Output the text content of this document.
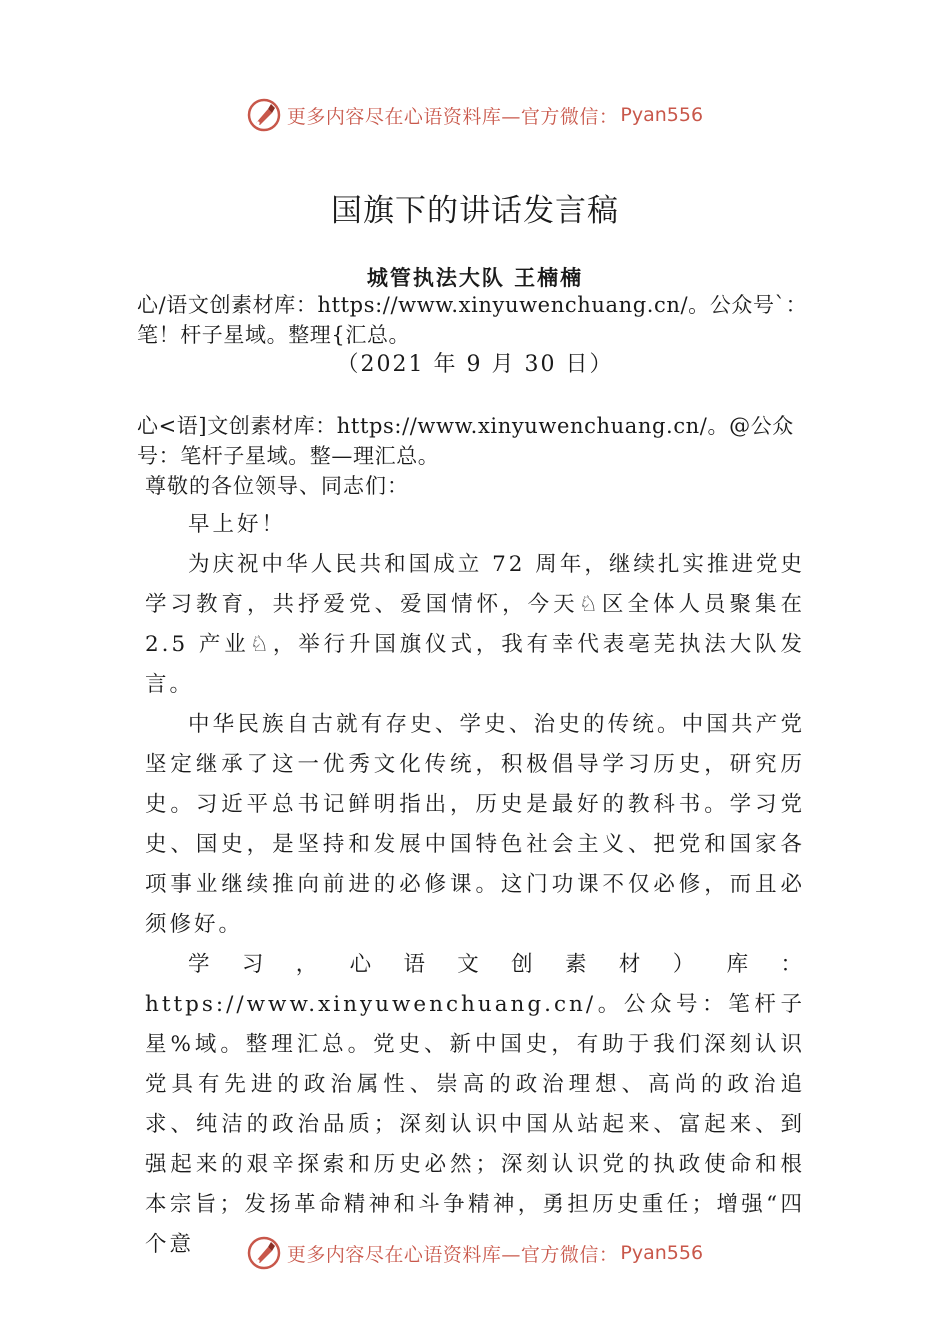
更多内容尽在心语资料库—官方微信： Pyan556
国旗下的讲话发言稿
城管执法大队 王楠楠

心/语文创素材库：https://www.xinyuwenchuang.cn/。公众号`：笔！杆子星域。整理{汇总。

（2021 年 9 月 30 日）

心<语]文创素材库：https://www.xinyuwenchuang.cn/。@公众号：笔杆子星域。整—理汇总。

尊敬的各位领导、同志们：

早上好！

为庆祝中华人民共和国成立 72 周年，继续扎实推进党史学习教育，共抒爱党、爱国情怀，今天♘区全体人员聚集在 2.5 产业♘，举行升国旗仪式，我有幸代表亳芜执法大队发言。

中华民族自古就有存史、学史、治史的传统。中国共产党坚定继承了这一优秀文化传统，积极倡导学习历史，研究历史。习近平总书记鲜明指出，历史是最好的教科书。学习党史、国史，是坚持和发展中国特色社会主义、把党和国家各项事业继续推向前进的必修课。这门功课不仅必修，而且必须修好。

学习，心语文创素材）库：https://www.xinyuwenchuang.cn/。公众号：笔杆子星%域。整理汇总。党史、新中国史，有助于我们深刻认识党具有先进的政治属性、崇高的政治理想、高尚的政治追求、纯洁的政治品质；深刻认识中国从站起来、富起来、到强起来的艰辛探索和历史必然；深刻认识党的执政使命和根本宗旨；发扬革命精神和斗争精神，勇担历史重任；增强“四个意	更多内容尽在心语资料库—官方微信： Pyan556
